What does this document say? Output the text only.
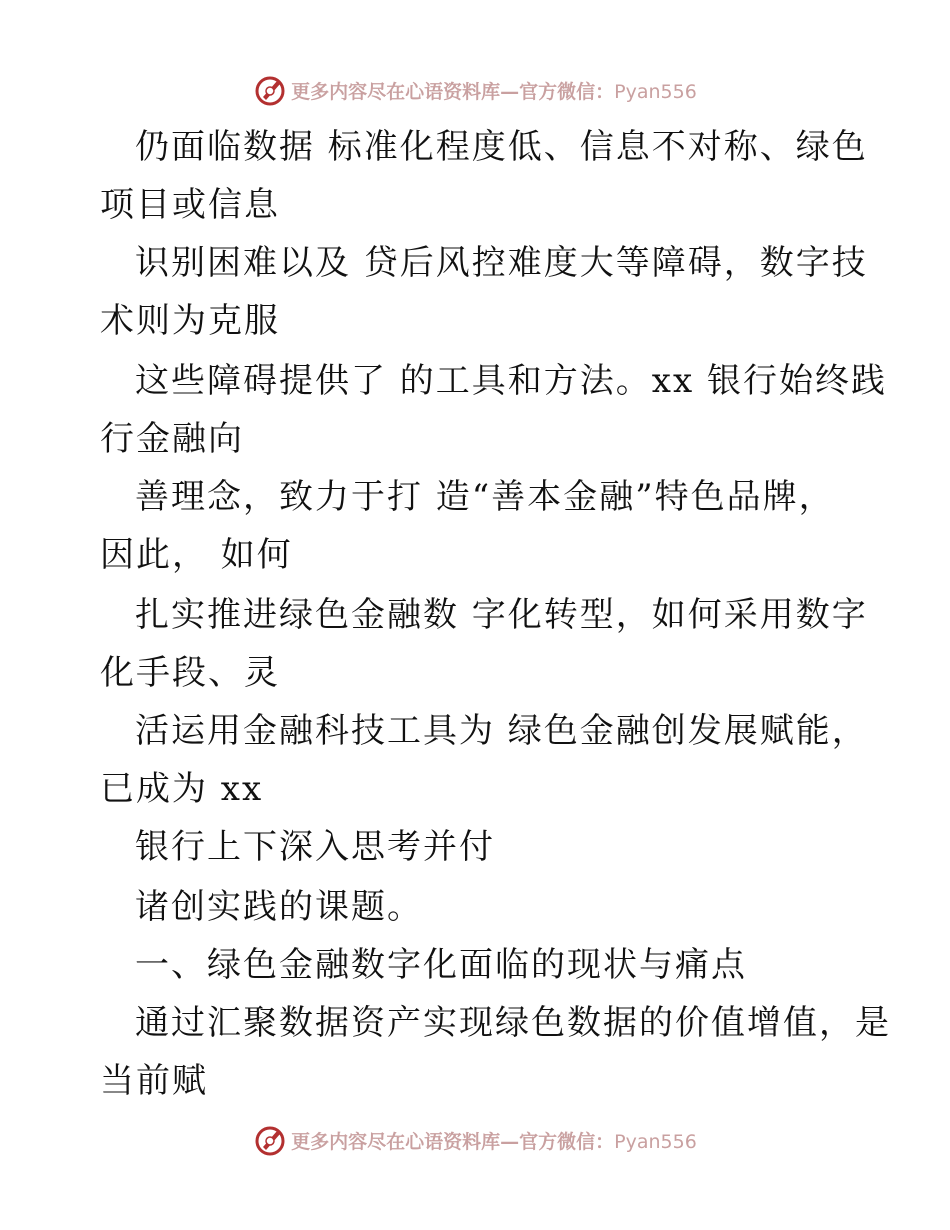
更多内容尽在心语资料库—官方微信：Pyan556
仍面临数据 标准化程度低、信息不对称、绿色
项目或信息
识别困难以及 贷后风控难度大等障碍，数字技
术则为克服
这些障碍提供了 的工具和方法。xx 银行始终践
行金融向
善理念，致力于打 造“善本金融”特色品牌，
因此， 如何
扎实推进绿色金融数 字化转型，如何采用数字
化手段、灵
活运用金融科技工具为 绿色金融创发展赋能，
已成为 xx
银行上下深入思考并付
诸创实践的课题。
一、绿色金融数字化面临的现状与痛点
通过汇聚数据资产实现绿色数据的价值增值，是
当前赋
更多内容尽在心语资料库—官方微信：Pyan556
